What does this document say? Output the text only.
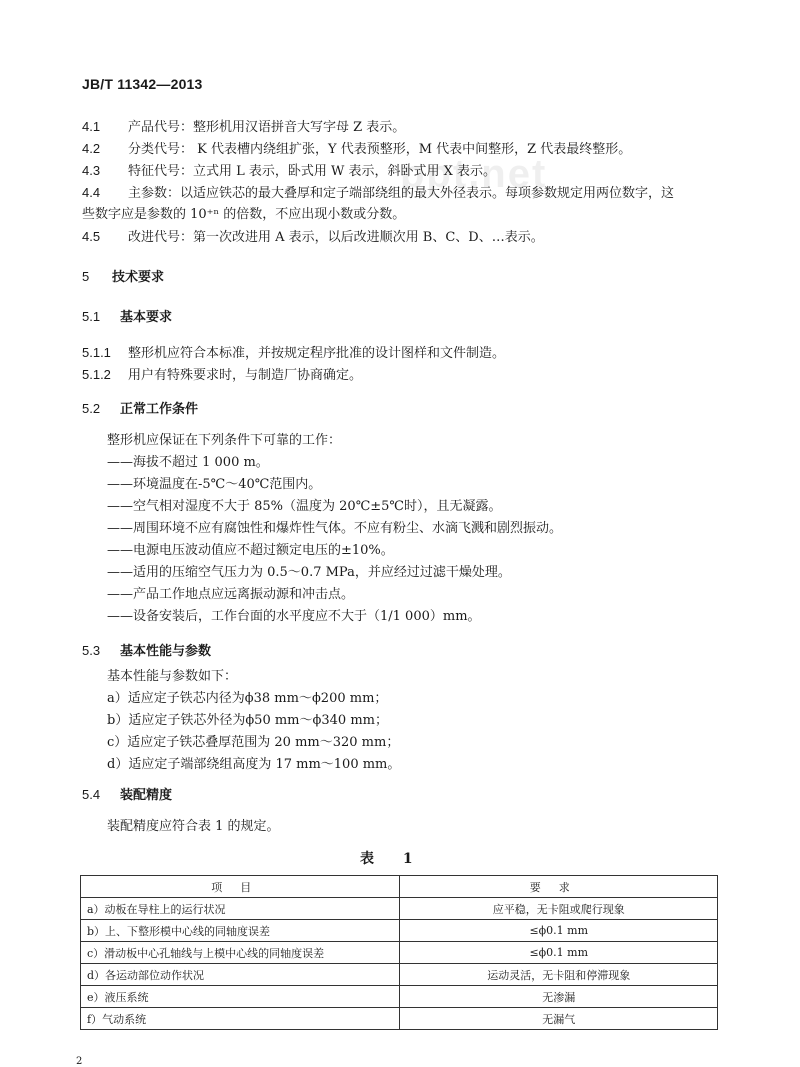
JB/T 11342—2013
ppt.net
4.1 产品代号：整形机用汉语拼音大写字母 Z 表示。
4.2 分类代号： K 代表槽内绕组扩张，Y 代表预整形，M 代表中间整形，Z 代表最终整形。
4.3 特征代号：立式用 L 表示，卧式用 W 表示，斜卧式用 X 表示。
4.4 主参数：以适应铁芯的最大叠厚和定子端部绕组的最大外径表示。每项参数规定用两位数字，这
些数字应是参数的 10⁺ⁿ 的倍数，不应出现小数或分数。
4.5 改进代号：第一次改进用 A 表示，以后改进顺次用 B、C、D、…表示。
5 技术要求
5.1 基本要求
5.1.1 整形机应符合本标准，并按规定程序批准的设计图样和文件制造。
5.1.2 用户有特殊要求时，与制造厂协商确定。
5.2 正常工作条件
整形机应保证在下列条件下可靠的工作：
——海拔不超过 1 000 m。
——环境温度在-5℃～40℃范围内。
——空气相对湿度不大于 85%（温度为 20℃±5℃时），且无凝露。
——周围环境不应有腐蚀性和爆炸性气体。不应有粉尘、水滴飞溅和剧烈振动。
——电源电压波动值应不超过额定电压的±10%。
——适用的压缩空气压力为 0.5～0.7 MPa，并应经过过滤干燥处理。
——产品工作地点应远离振动源和冲击点。
——设备安装后，工作台面的水平度应不大于（1/1 000）mm。
5.3 基本性能与参数
基本性能与参数如下：
a）适应定子铁芯内径为ϕ38 mm～ϕ200 mm；
b）适应定子铁芯外径为ϕ50 mm～ϕ340 mm；
c）适应定子铁芯叠厚范围为 20 mm～320 mm；
d）适应定子端部绕组高度为 17 mm～100 mm。
5.4 装配精度
装配精度应符合表 1 的规定。
表 1
项目	要求
a）动板在导柱上的运行状况	应平稳，无卡阻或爬行现象
b）上、下整形模中心线的同轴度误差	≤ϕ0.1 mm
c）滑动板中心孔轴线与上模中心线的同轴度误差	≤ϕ0.1 mm
d）各运动部位动作状况	运动灵活，无卡阻和停滞现象
e）液压系统	无渗漏
f）气动系统	无漏气
2
